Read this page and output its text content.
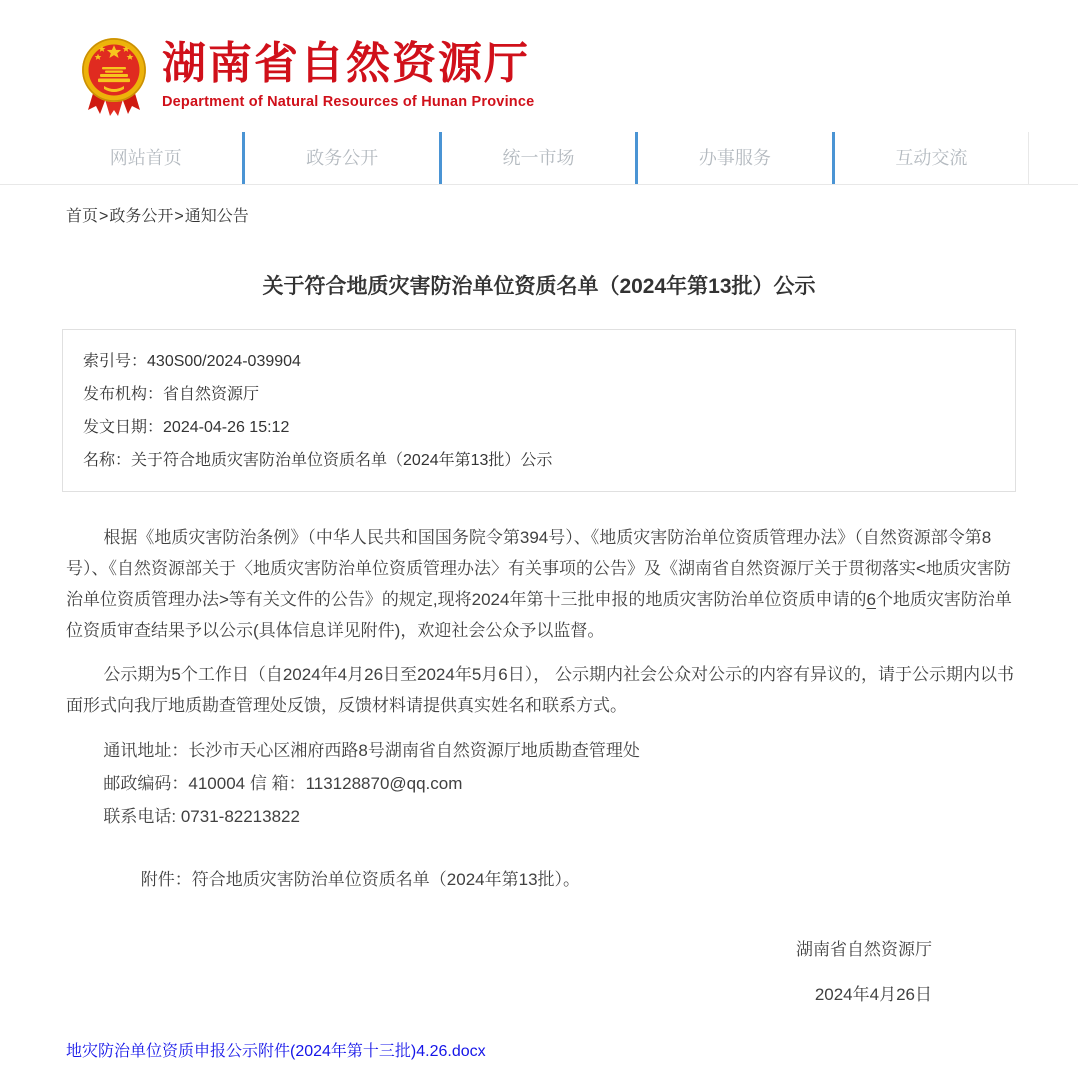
湖南省自然资源厅
Department of Natural Resources of Hunan Province
网站首页	政务公开	统一市场	办事服务	互动交流
首页>政务公开>通知公告
关于符合地质灾害防治单位资质名单（2024年第13批）公示
索引号：430S00/2024-039904
发布机构：省自然资源厅
发文日期：2024-04-26 15:12
名称：关于符合地质灾害防治单位资质名单（2024年第13批）公示

根据《地质灾害防治条例》（中华人民共和国国务院令第394号）、《地质灾害防治单位资质管理办法》（自然资源部令第8号）、《自然资源部关于〈地质灾害防治单位资质管理办法〉有关事项的公告》及《湖南省自然资源厅关于贯彻落实<地质灾害防治单位资质管理办法>等有关文件的公告》的规定,现将2024年第十三批申报的地质灾害防治单位资质申请的6个地质灾害防治单位资质审查结果予以公示(具体信息详见附件)，欢迎社会公众予以监督。

公示期为5个工作日（自2024年4月26日至2024年5月6日）， 公示期内社会公众对公示的内容有异议的，请于公示期内以书面形式向我厅地质勘查管理处反馈，反馈材料请提供真实姓名和联系方式。

通讯地址：长沙市天心区湘府西路8号湖南省自然资源厅地质勘查管理处
邮政编码：410004 信 箱：113128870@qq.com
联系电话: 0731-82213822
附件：符合地质灾害防治单位资质名单（2024年第13批）。
湖南省自然资源厅
2024年4月26日
地灾防治单位资质申报公示附件(2024年第十三批)4.26.docx
